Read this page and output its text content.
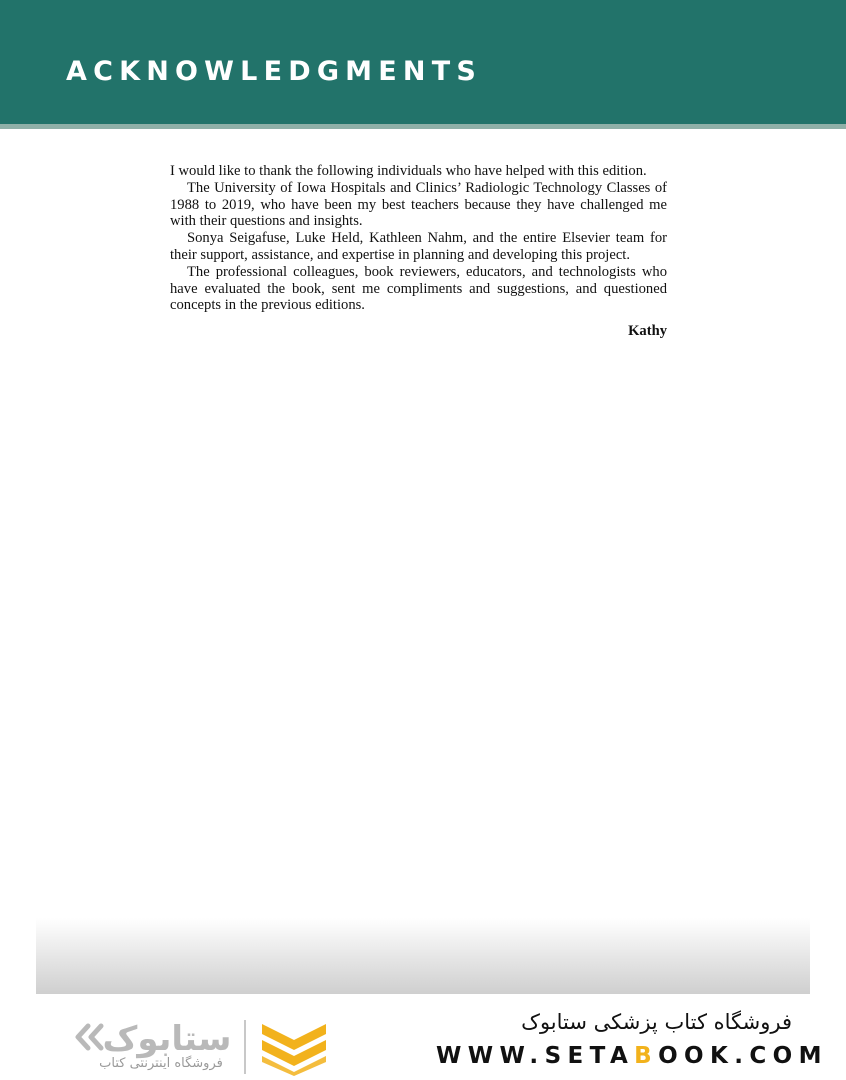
ACKNOWLEDGMENTS

I would like to thank the following individuals who have helped with this edition.

The University of Iowa Hospitals and Clinics’ Radiologic Technology Classes of 1988 to 2019, who have been my best teachers because they have challenged me with their questions and insights.

Sonya Seigafuse, Luke Held, Kathleen Nahm, and the entire Elsevier team for their support, assistance, and expertise in planning and developing this project.

The professional colleagues, book reviewers, educators, and technologists who have evaluated the book, sent me compliments and suggestions, and questioned concepts in the previous editions.

Kathy
ستابوک
فروشگاه اینترنتی کتاب
فروشگاه کتاب پزشکی ستابوک
WWW.SETABOOK.COM
